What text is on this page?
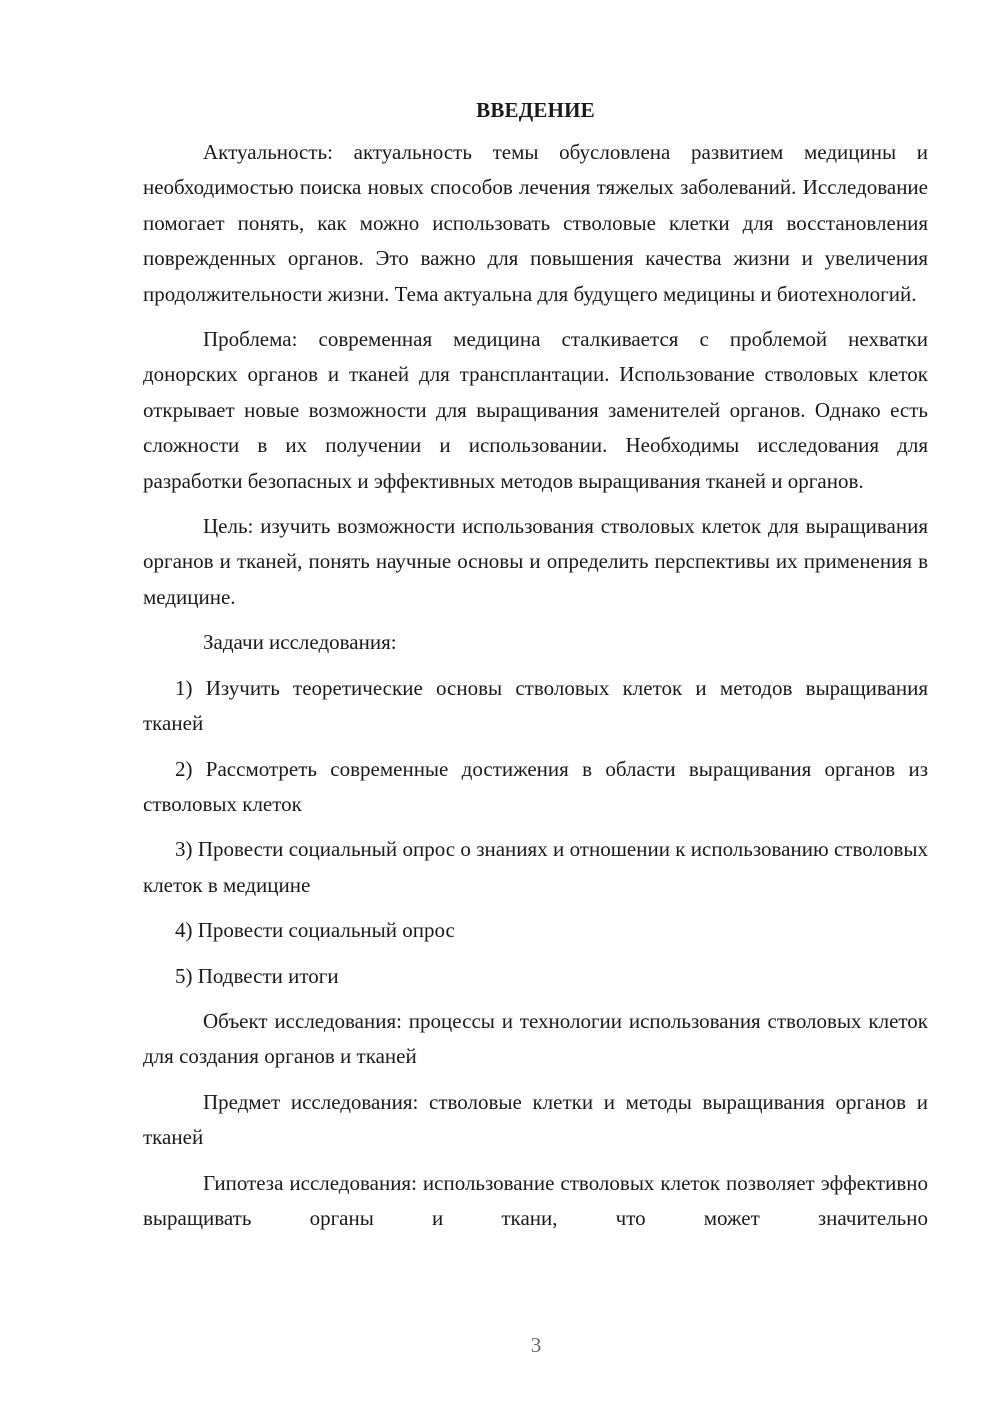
ВВЕДЕНИЕ

Актуальность: актуальность темы обусловлена развитием медицины и необходимостью поиска новых способов лечения тяжелых заболеваний. Исследование помогает понять, как можно использовать стволовые клетки для восстановления поврежденных органов. Это важно для повышения качества жизни и увеличения продолжительности жизни. Тема актуальна для будущего медицины и биотехнологий.

Проблема: современная медицина сталкивается с проблемой нехватки донорских органов и тканей для трансплантации. Использование стволовых клеток открывает новые возможности для выращивания заменителей органов. Однако есть сложности в их получении и использовании. Необходимы исследования для разработки безопасных и эффективных методов выращивания тканей и органов.

Цель: изучить возможности использования стволовых клеток для выращивания органов и тканей, понять научные основы и определить перспективы их применения в медицине.

Задачи исследования:

1) Изучить теоретические основы стволовых клеток и методов выращивания тканей

2) Рассмотреть современные достижения в области выращивания органов из стволовых клеток

3) Провести социальный опрос о знаниях и отношении к использованию стволовых клеток в медицине

4) Провести социальный опрос

5) Подвести итоги

Объект исследования: процессы и технологии использования стволовых клеток для создания органов и тканей

Предмет исследования: стволовые клетки и методы выращивания органов и тканей

Гипотеза исследования: использование стволовых клеток позволяет эффективно выращивать органы и ткани, что может значительно

3
